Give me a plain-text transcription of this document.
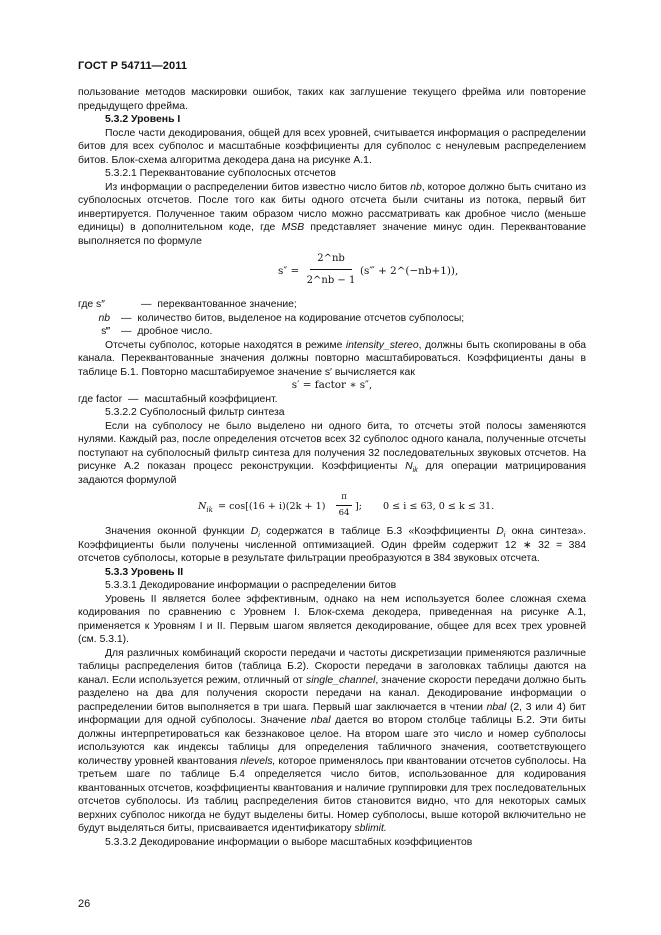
ГОСТ Р 54711—2011

пользование методов маскировки ошибок, таких как заглушение текущего фрейма или повторение предыдущего фрейма.

5.3.2 Уровень I

После части декодирования, общей для всех уровней, считывается информация о распределении битов для всех субполос и масштабные коэффициенты для субполос с ненулевым распределением битов. Блок-схема алгоритма декодера дана на рисунке А.1.

5.3.2.1 Переквантование субполосных отсчетов

Из информации о распределении битов известно число битов nb, которое должно быть считано из субполосных отсчетов. После того как биты одного отсчета были считаны из потока, первый бит инвертируется. Полученное таким образом число можно рассматривать как дробное число (меньше единицы) в дополнительном коде, где MSB представляет значение минус один. Переквантование выполняется по формуле

s″ =
2^nb
2^nb − 1
(s‴ + 2^(−nb+1)),
где s″	— переквантованное значение;
nb	— количество битов, выделеное на кодирование отсчетов субполосы;
s‴	— дробное число.

Отсчеты субполос, которые находятся в режиме intensity_stereo, должны быть скопированы в оба канала. Переквантованные значения должны повторно масштабироваться. Коэффициенты даны в таблице Б.1. Повторно масштабируемое значение s′ вычисляется как

s′ = factor ∗ s″,

где factor — масштабный коэффициент.

5.3.2.2 Субполосный фильтр синтеза

Если на субполосу не было выделено ни одного бита, то отсчеты этой полосы заменяются нулями. Каждый раз, после определения отсчетов всех 32 субполос одного канала, полученные отсчеты поступают на субполосный фильтр синтеза для получения 32 последовательных звуковых отсчетов. На рисунке А.2 показан процесс реконструкции. Коэффициенты $N_{ik}$ для операции матрицирования задаются формулой

$N_{ik} = \cos[(16 + i)(2k + 1)$
π
64
]; 0 ≤ i ≤ 63, 0 ≤ k ≤ 31.

Значения оконной функции $D_i$ содержатся в таблице Б.3 «Коэффициенты $D_i$ окна синтеза». Коэффициенты были получены численной оптимизацией. Один фрейм содержит 12 ∗ 32 = 384 отсчетов субполосы, которые в результате фильтрации преобразуются в 384 звуковых отсчета.

5.3.3 Уровень II

5.3.3.1 Декодирование информации о распределении битов

Уровень II является более эффективным, однако на нем используется более сложная схема кодирования по сравнению с Уровнем I. Блок-схема декодера, приведенная на рисунке А.1, применяется к Уровням I и II. Первым шагом является декодирование, общее для всех трех уровней (см. 5.3.1).

Для различных комбинаций скорости передачи и частоты дискретизации применяются различные таблицы распределения битов (таблица Б.2). Скорости передачи в заголовках таблицы даются на канал. Если используется режим, отличный от single_channel, значение скорости передачи должно быть разделено на два для получения скорости передачи на канал. Декодирование информации о распределении битов выполняется в три шага. Первый шаг заключается в чтении nbal (2, 3 или 4) бит информации для одной субполосы. Значение nbal дается во втором столбце таблицы Б.2. Эти биты должны интерпретироваться как беззнаковое целое. На втором шаге это число и номер субполосы используются как индексы таблицы для определения табличного значения, соответствующего количеству уровней квантования nlevels, которое применялось при квантовании отсчетов субполосы. На третьем шаге по таблице Б.4 определяется число битов, использованное для кодирования квантованных отсчетов, коэффициенты квантования и наличие группировки для трех последовательных отсчетов субполосы. Из таблиц распределения битов становится видно, что для некоторых самых верхних субполос никогда не будут выделены биты. Номер субполосы, выше которой включительно не будут выделяться биты, присваивается идентификатору sblimit.

5.3.3.2 Декодирование информации о выборе масштабных коэффициентов

26
